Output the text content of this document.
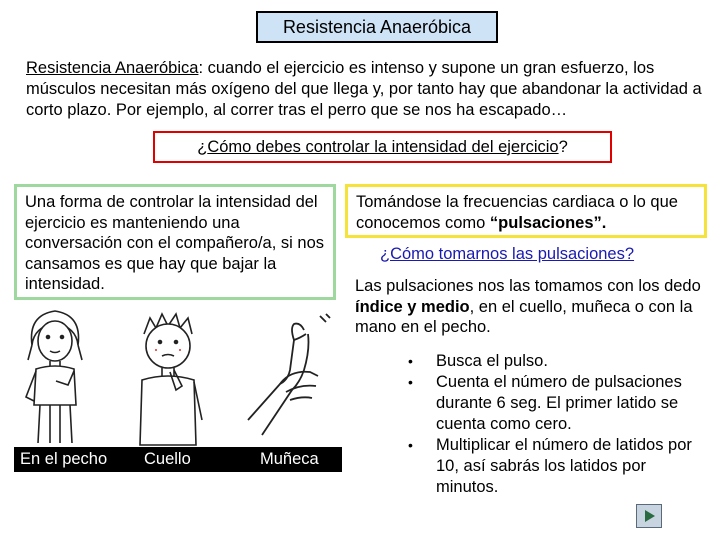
Resistencia Anaeróbica

Resistencia Anaeróbica: cuando el ejercicio es intenso y supone un gran esfuerzo, los músculos necesitan más oxígeno del que llega y, por tanto hay que abandonar la actividad a corto plazo. Por ejemplo, al correr tras el perro que se nos ha escapado…

¿Cómo debes controlar la intensidad del ejercicio?
Una forma de controlar la intensidad del ejercicio es manteniendo una conversación con el compañero/a, si nos cansamos es que hay que bajar la intensidad.
Tomándose la frecuencias cardiaca o lo que conocemos como “pulsaciones”.
¿Cómo tomarnos las pulsaciones?

Las pulsaciones nos las tomamos con los dedo índice y medio, en el cuello, muñeca o con la mano en el pecho.

• Busca el pulso.
• Cuenta el número de pulsaciones durante 6 seg. El primer latido se cuenta como cero.
• Multiplicar el número de latidos por 10, así sabrás los latidos por minutos.
En el pecho Cuello	Muñeca
